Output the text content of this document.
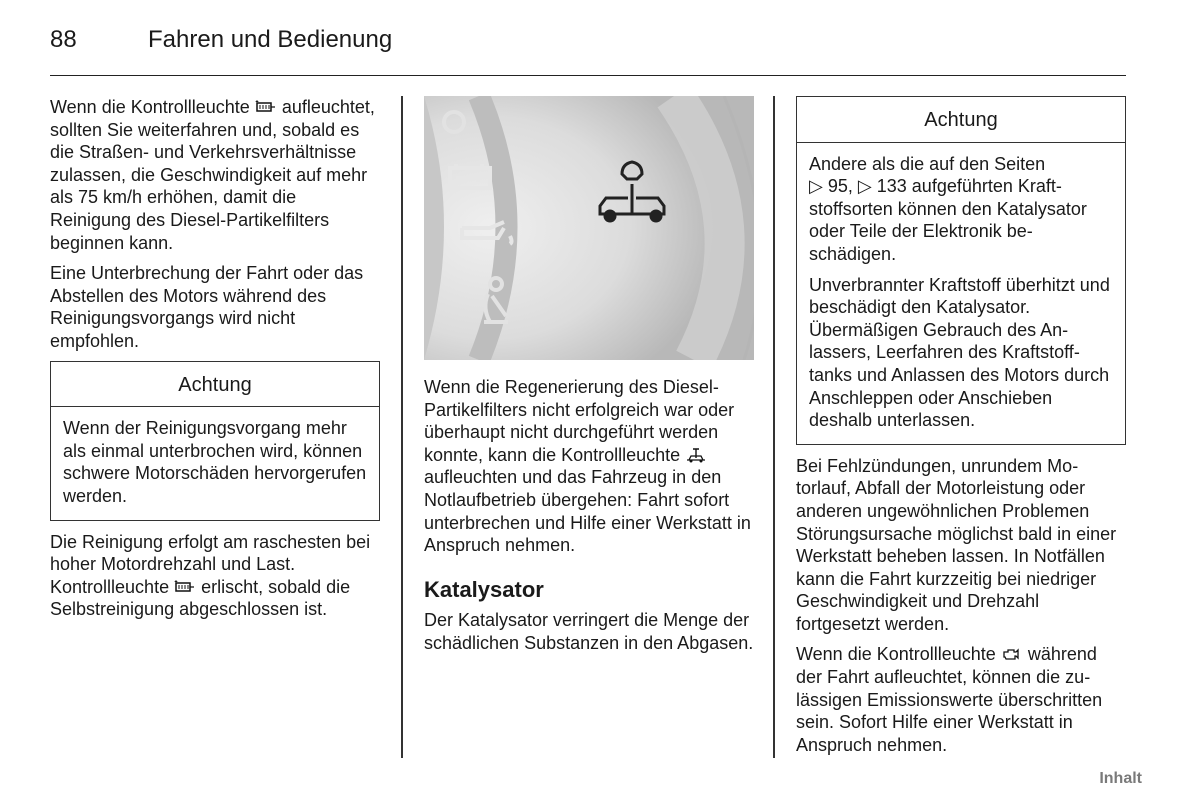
88	Fahren und Bedienung

Wenn die Kontrollleuchte aufleuchtet, sollten Sie weiterfahren und, sobald es die Straßen- und Verkehrsverhältnisse zulassen, die Geschwindigkeit auf mehr als 75 km/h erhöhen, damit die Reinigung des Diesel-Partikelfilters beginnen kann.

Eine Unterbrechung der Fahrt oder das Abstellen des Motors während des Reinigungsvorgangs wird nicht empfohlen.

Achtung

Wenn der Reinigungsvorgang mehr als einmal unterbrochen wird, können schwere Motorschäden hervorgerufen werden.

Die Reinigung erfolgt am raschesten bei hoher Motordrehzahl und Last. Kontrollleuchte erlischt, sobald die Selbstreinigung abgeschlossen ist.

Wenn die Regenerierung des Diesel-Partikelfilters nicht erfolgreich war oder überhaupt nicht durchgeführt werden konnte, kann die Kontrollleuchte  aufleuchten und das Fahrzeug in den Notlaufbetrieb übergehen: Fahrt sofort unterbrechen und Hilfe einer Werkstatt in Anspruch nehmen.

Katalysator

Der Katalysator verringert die Menge der schädlichen Substanzen in den Abgasen.

Achtung

Andere als die auf den Seiten
▷ 95, ▷ 133 aufgeführten Kraftstoffsorten können den Katalysator oder Teile der Elektronik beschädigen.

Unverbrannter Kraftstoff überhitzt und beschädigt den Katalysator. Übermäßigen Gebrauch des Anlassers, Leerfahren des Kraftstofftanks und Anlassen des Motors durch Anschleppen oder Anschieben deshalb unterlassen.

Bei Fehlzündungen, unrundem Motorlauf, Abfall der Motorleistung oder anderen ungewöhnlichen Problemen Störungsursache möglichst bald in einer Werkstatt beheben lassen. In Notfällen kann die Fahrt kurzzeitig bei niedriger Geschwindigkeit und Drehzahl fortgesetzt werden.

Wenn die Kontrollleuchte während der Fahrt aufleuchtet, können die zulässigen Emissionswerte überschritten sein. Sofort Hilfe einer Werkstatt in Anspruch nehmen.

Inhalt
